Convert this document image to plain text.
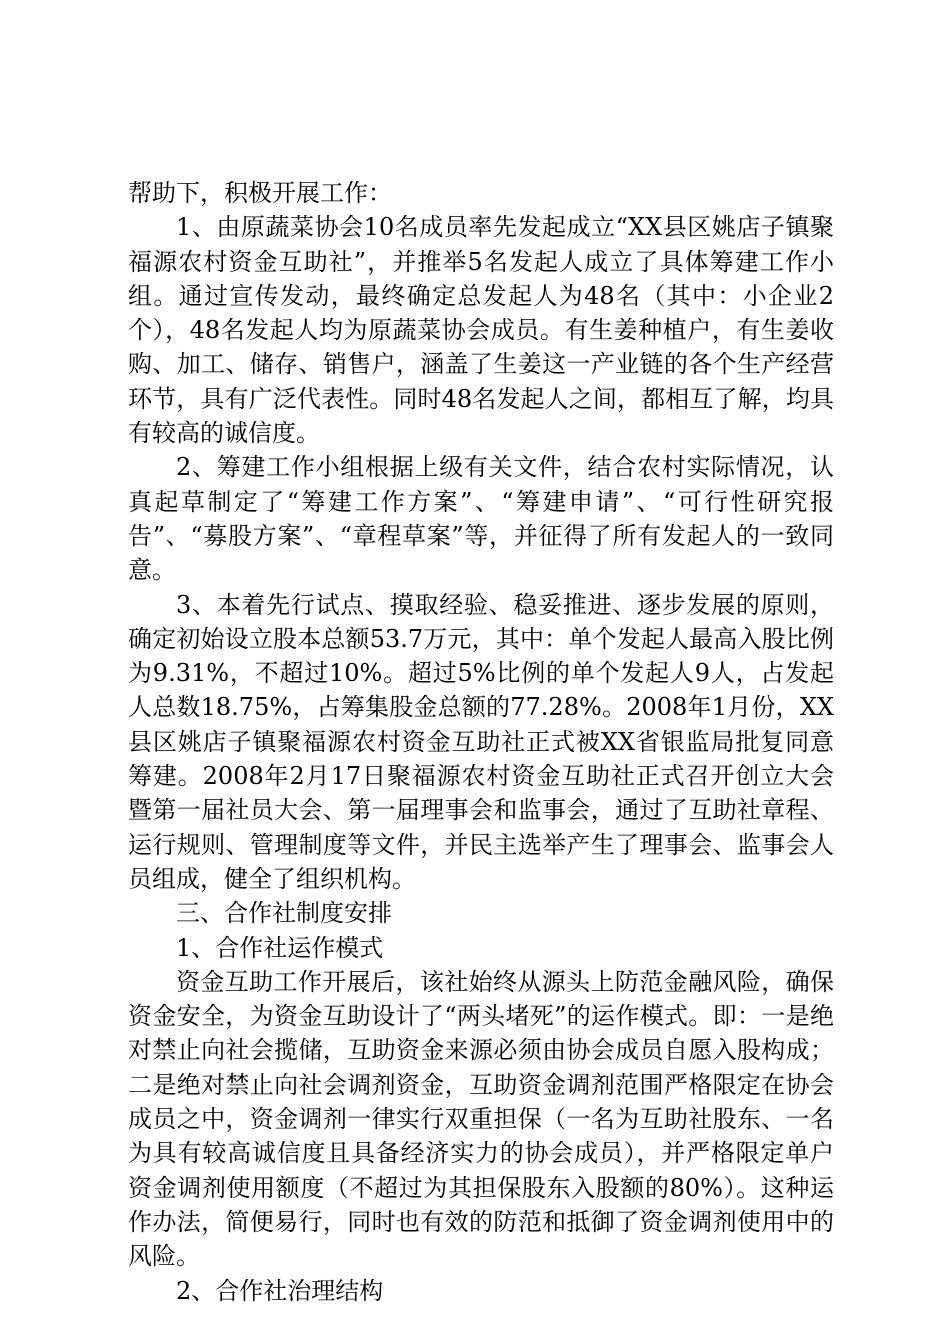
帮助下，积极开展工作：

1、由原蔬菜协会10名成员率先发起成立“XX县区姚店子镇聚福源农村资金互助社”，并推举5名发起人成立了具体筹建工作小组。通过宣传发动，最终确定总发起人为48名（其中：小企业2个），48名发起人均为原蔬菜协会成员。有生姜种植户，有生姜收购、加工、储存、销售户，涵盖了生姜这一产业链的各个生产经营环节，具有广泛代表性。同时48名发起人之间，都相互了解，均具有较高的诚信度。

2、筹建工作小组根据上级有关文件，结合农村实际情况，认真起草制定了“筹建工作方案”、“筹建申请”、“可行性研究报告”、“募股方案”、“章程草案”等，并征得了所有发起人的一致同意。

3、本着先行试点、摸取经验、稳妥推进、逐步发展的原则，确定初始设立股本总额53.7万元，其中：单个发起人最高入股比例为9.31%，不超过10%。超过5%比例的单个发起人9人，占发起人总数18.75%，占筹集股金总额的77.28%。2008年1月份，XX县区姚店子镇聚福源农村资金互助社正式被XX省银监局批复同意筹建。2008年2月17日聚福源农村资金互助社正式召开创立大会暨第一届社员大会、第一届理事会和监事会，通过了互助社章程、运行规则、管理制度等文件，并民主选举产生了理事会、监事会人员组成，健全了组织机构。

三、合作社制度安排

1、合作社运作模式

资金互助工作开展后，该社始终从源头上防范金融风险，确保资金安全，为资金互助设计了“两头堵死”的运作模式。即：一是绝对禁止向社会揽储，互助资金来源必须由协会成员自愿入股构成；二是绝对禁止向社会调剂资金，互助资金调剂范围严格限定在协会成员之中，资金调剂一律实行双重担保（一名为互助社股东、一名为具有较高诚信度且具备经济实力的协会成员），并严格限定单户资金调剂使用额度（不超过为其担保股东入股额的80%）。这种运作办法，简便易行，同时也有效的防范和抵御了资金调剂使用中的风险。

2、合作社治理结构
